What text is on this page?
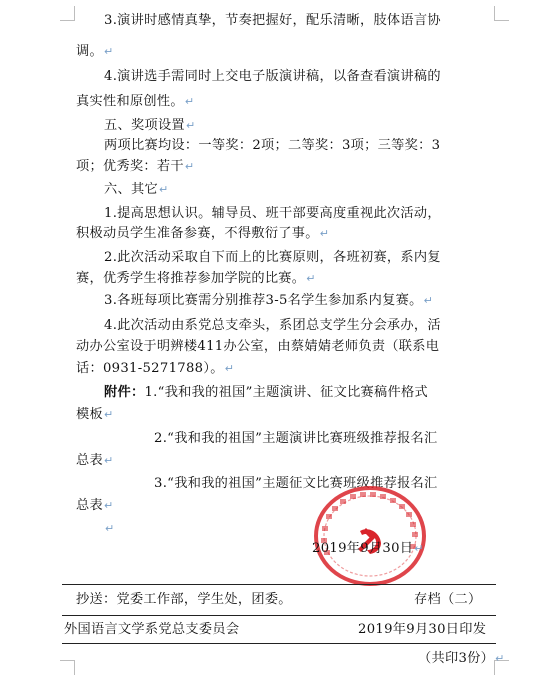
3.演讲时感情真挚，节奏把握好，配乐清晰，肢体语言协
调。↵
4.演讲选手需同时上交电子版演讲稿，以备查看演讲稿的
真实性和原创性。↵
五、奖项设置↵
两项比赛均设：一等奖：2项；二等奖：3项；三等奖：3
项；优秀奖：若干↵
六、其它↵
1.提高思想认识。辅导员、班干部要高度重视此次活动，
积极动员学生准备参赛，不得敷衍了事。↵
2.此次活动采取自下而上的比赛原则，各班初赛，系内复
赛，优秀学生将推荐参加学院的比赛。↵
3.各班每项比赛需分别推荐3-5名学生参加系内复赛。↵
4.此次活动由系党总支牵头，系团总支学生分会承办，活
动办公室设于明辨楼411办公室，由蔡婧婧老师负责（联系电
话：0931-5271788）。↵
附件：1.“我和我的祖国”主题演讲、征文比赛稿件格式
模板↵
2.“我和我的祖国”主题演讲比赛班级推荐报名汇
总表↵
3.“我和我的祖国”主题征文比赛班级推荐报名汇
总表↵
↵
2019年9月30日↵
抄送：党委工作部，学生处，团委。	存档（二）
外国语言文学系党总支委员会	2019年9月30日印发
（共印3份）↵
